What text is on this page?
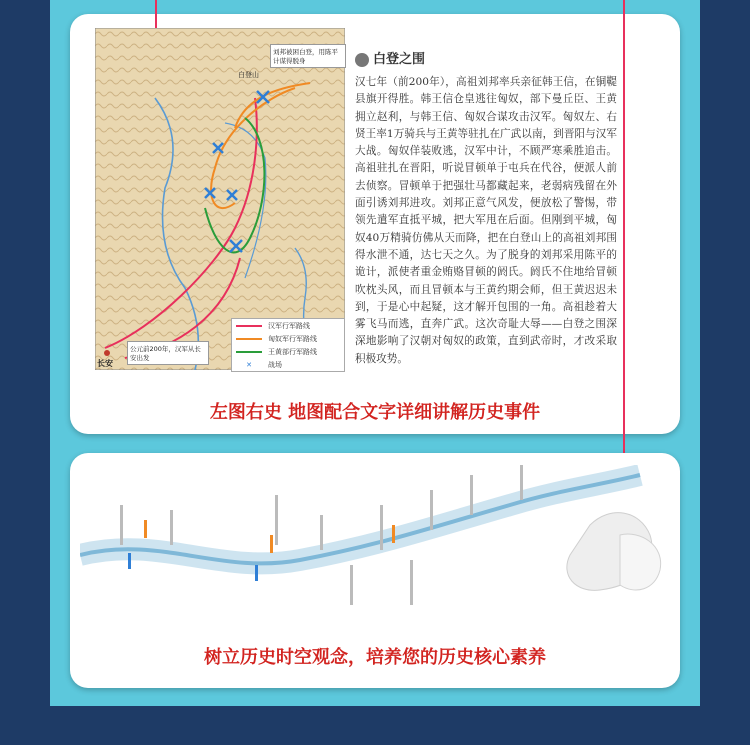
刘邦被困白登，用陈平计谋得脱身
公元前200年，汉军从长安出发
长安
白登山
汉军行军路线
匈奴军行军路线
王黄部行军路线
✕	战场
白登之围
汉七年（前200年），高祖刘邦率兵亲征韩王信，在铜鞮县旗开得胜。韩王信仓皇逃往匈奴，部下曼丘臣、王黄拥立赵利，与韩王信、匈奴合谋攻击汉军。匈奴左、右贤王率1万骑兵与王黄等驻扎在广武以南，到晋阳与汉军大战。匈奴佯装败逃，汉军中计，不顾严寒乘胜追击。高祖驻扎在晋阳，听说冒顿单于屯兵在代谷，便派人前去侦察。冒顿单于把强壮马都藏起来，老弱病残留在外面引诱刘邦进攻。刘邦正意气风发，便放松了警惕，带领先遣军直抵平城，把大军甩在后面。但刚到平城，匈奴40万精骑仿佛从天而降，把在白登山上的高祖刘邦围得水泄不通，达七天之久。为了脱身的刘邦采用陈平的诡计，派使者重金贿赂冒顿的阏氏。阏氏不住地给冒顿吹枕头风，而且冒顿本与王黄约期会师，但王黄迟迟未到，于是心中起疑，这才解开包围的一角。高祖趁着大雾飞马而逃，直奔广武。这次奇耻大辱——白登之围深深地影响了汉朝对匈奴的政策，直到武帝时，才改采取积极攻势。
左图右史 地图配合文字详细讲解历史事件
树立历史时空观念，培养您的历史核心素养
